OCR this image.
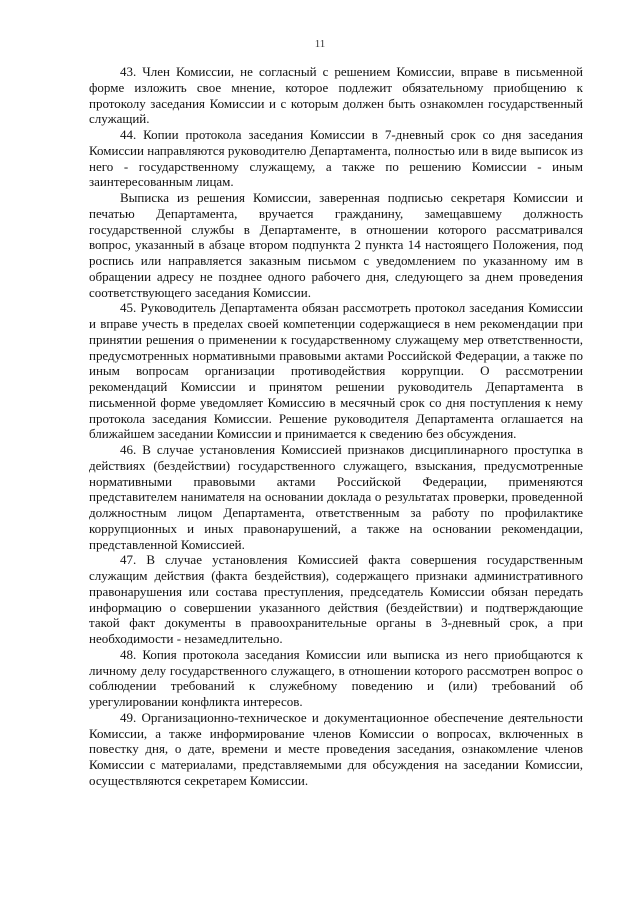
11

43. Член Комиссии, не согласный с решением Комиссии, вправе в письменной форме изложить свое мнение, которое подлежит обязательному приобщению к протоколу заседания Комиссии и с которым должен быть ознакомлен государственный служащий.

44. Копии протокола заседания Комиссии в 7-дневный срок со дня заседания Комиссии направляются руководителю Департамента, полностью или в виде выписок из него - государственному служащему, а также по решению Комиссии - иным заинтересованным лицам.

Выписка из решения Комиссии, заверенная подписью секретаря Комиссии и печатью Департамента, вручается гражданину, замещавшему должность государственной службы в Департаменте, в отношении которого рассматривался вопрос, указанный в абзаце втором подпункта 2 пункта 14 настоящего Положения, под роспись или направляется заказным письмом с уведомлением по указанному им в обращении адресу не позднее одного рабочего дня, следующего за днем проведения соответствующего заседания Комиссии.

45. Руководитель Департамента обязан рассмотреть протокол заседания Комиссии и вправе учесть в пределах своей компетенции содержащиеся в нем рекомендации при принятии решения о применении к государственному служащему мер ответственности, предусмотренных нормативными правовыми актами Российской Федерации, а также по иным вопросам организации противодействия коррупции. О рассмотрении рекомендаций Комиссии и принятом решении руководитель Департамента в письменной форме уведомляет Комиссию в месячный срок со дня поступления к нему протокола заседания Комиссии. Решение руководителя Департамента оглашается на ближайшем заседании Комиссии и принимается к сведению без обсуждения.

46. В случае установления Комиссией признаков дисциплинарного проступка в действиях (бездействии) государственного служащего, взыскания, предусмотренные нормативными правовыми актами Российской Федерации, применяются представителем нанимателя на основании доклада о результатах проверки, проведенной должностным лицом Департамента, ответственным за работу по профилактике коррупционных и иных правонарушений, а также на основании рекомендации, представленной Комиссией.

47. В случае установления Комиссией факта совершения государственным служащим действия (факта бездействия), содержащего признаки административного правонарушения или состава преступления, председатель Комиссии обязан передать информацию о совершении указанного действия (бездействии) и подтверждающие такой факт документы в правоохранительные органы в 3-дневный срок, а при необходимости - незамедлительно.

48. Копия протокола заседания Комиссии или выписка из него приобщаются к личному делу государственного служащего, в отношении которого рассмотрен вопрос о соблюдении требований к служебному поведению и (или) требований об урегулировании конфликта интересов.

49. Организационно-техническое и документационное обеспечение деятельности Комиссии, а также информирование членов Комиссии о вопросах, включенных в повестку дня, о дате, времени и месте проведения заседания, ознакомление членов Комиссии с материалами, представляемыми для обсуждения на заседании Комиссии, осуществляются секретарем Комиссии.
